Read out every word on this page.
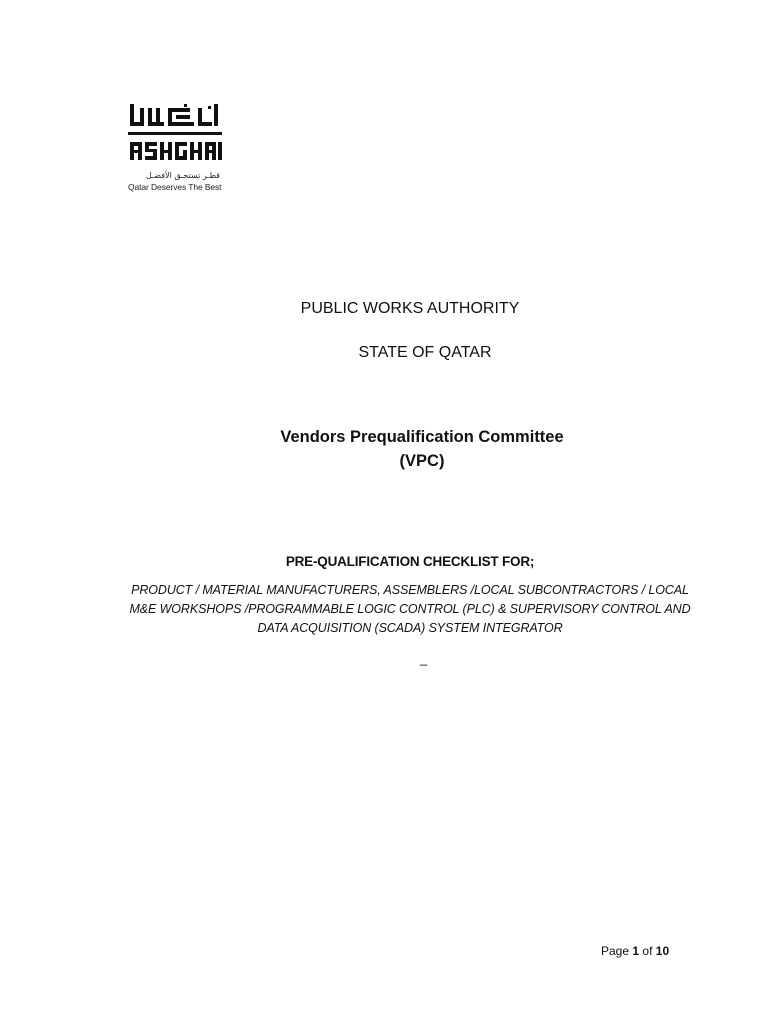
قطـر تستحـق الأفضـل
Qatar Deserves The Best
PUBLIC WORKS AUTHORITY
STATE OF QATAR
Vendors Prequalification Committee
(VPC)
PRE-QUALIFICATION CHECKLIST FOR;
PRODUCT / MATERIAL MANUFACTURERS, ASSEMBLERS /LOCAL SUBCONTRACTORS / LOCAL
M&E WORKSHOPS /PROGRAMMABLE LOGIC CONTROL (PLC) & SUPERVISORY CONTROL AND
DATA ACQUISITION (SCADA) SYSTEM INTEGRATOR
_
Page 1 of 10
